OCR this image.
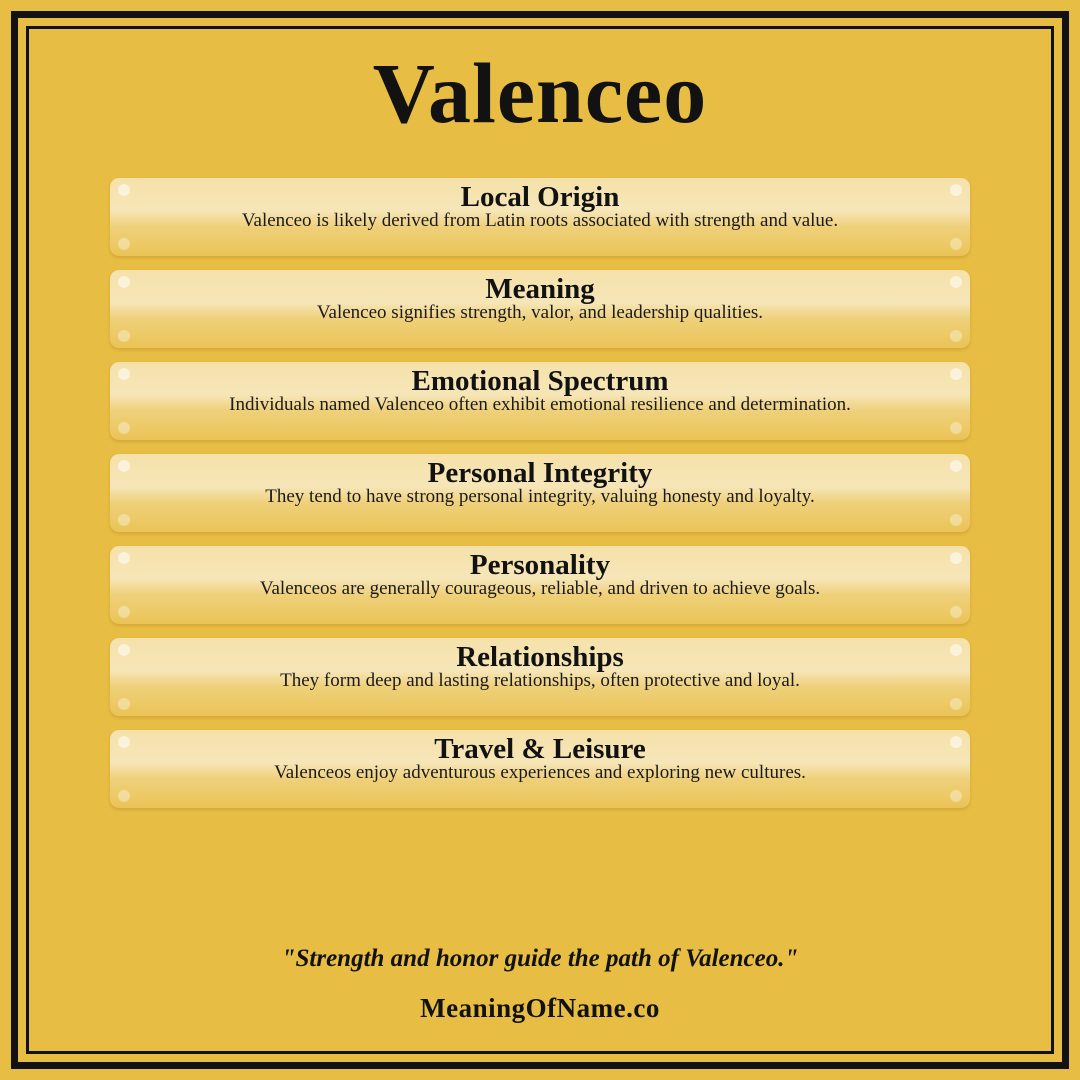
Valenceo
Local Origin
Valenceo is likely derived from Latin roots associated with strength and value.
Meaning
Valenceo signifies strength, valor, and leadership qualities.
Emotional Spectrum
Individuals named Valenceo often exhibit emotional resilience and determination.
Personal Integrity
They tend to have strong personal integrity, valuing honesty and loyalty.
Personality
Valenceos are generally courageous, reliable, and driven to achieve goals.
Relationships
They form deep and lasting relationships, often protective and loyal.
Travel & Leisure
Valenceos enjoy adventurous experiences and exploring new cultures.
"Strength and honor guide the path of Valenceo."
MeaningOfName.co
